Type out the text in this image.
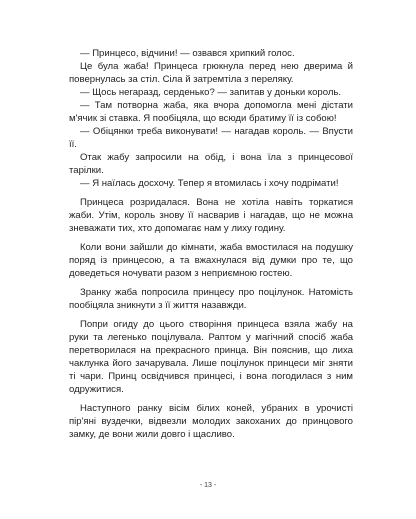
— Принцесо, відчини! — озвався хрипкий голос.

Це була жаба! Принцеса грюкнула перед нею дверима й повернулась за стіл. Сіла й затремтіла з переляку.

— Щось негаразд, серденько? — запитав у доньки король.

— Там потворна жаба, яка вчора допомогла мені дістати м'ячик зі ставка. Я пообіцяла, що всюди братиму її із собою!

— Обіцянки треба виконувати! — нагадав король. — Впусти її.

Отак жабу запросили на обід, і вона їла з принцесової тарілки.

— Я наїлась досхочу. Тепер я втомилась і хочу подрімати!

Принцеса розридалася. Вона не хотіла навіть торкатися жаби. Утім, король знову її насварив і нагадав, що не можна зневажати тих, хто допомагає нам у лиху годину.

Коли вони зайшли до кімнати, жаба вмостилася на подушку поряд із принцесою, а та вжахнулася від думки про те, що доведеться ночувати разом з неприємною гостею.

Зранку жаба попросила принцесу про поцілунок. Натомість пообіцяла зникнути з її життя назавжди.

Попри огиду до цього створіння принцеса взяла жабу на руки та легенько поцілувала. Раптом у магічний спосіб жаба перетворилася на прекрасного принца. Він пояснив, що лиха чаклунка його зачарувала. Лише поцілунок принцеси міг зняти ті чари. Принц освідчився принцесі, і вона погодилася з ним одружитися.

Наступного ранку вісім білих коней, убраних в урочисті пір'яні вуздечки, відвезли молодих закоханих до принцового замку, де вони жили довго і щасливо.

- 13 -
